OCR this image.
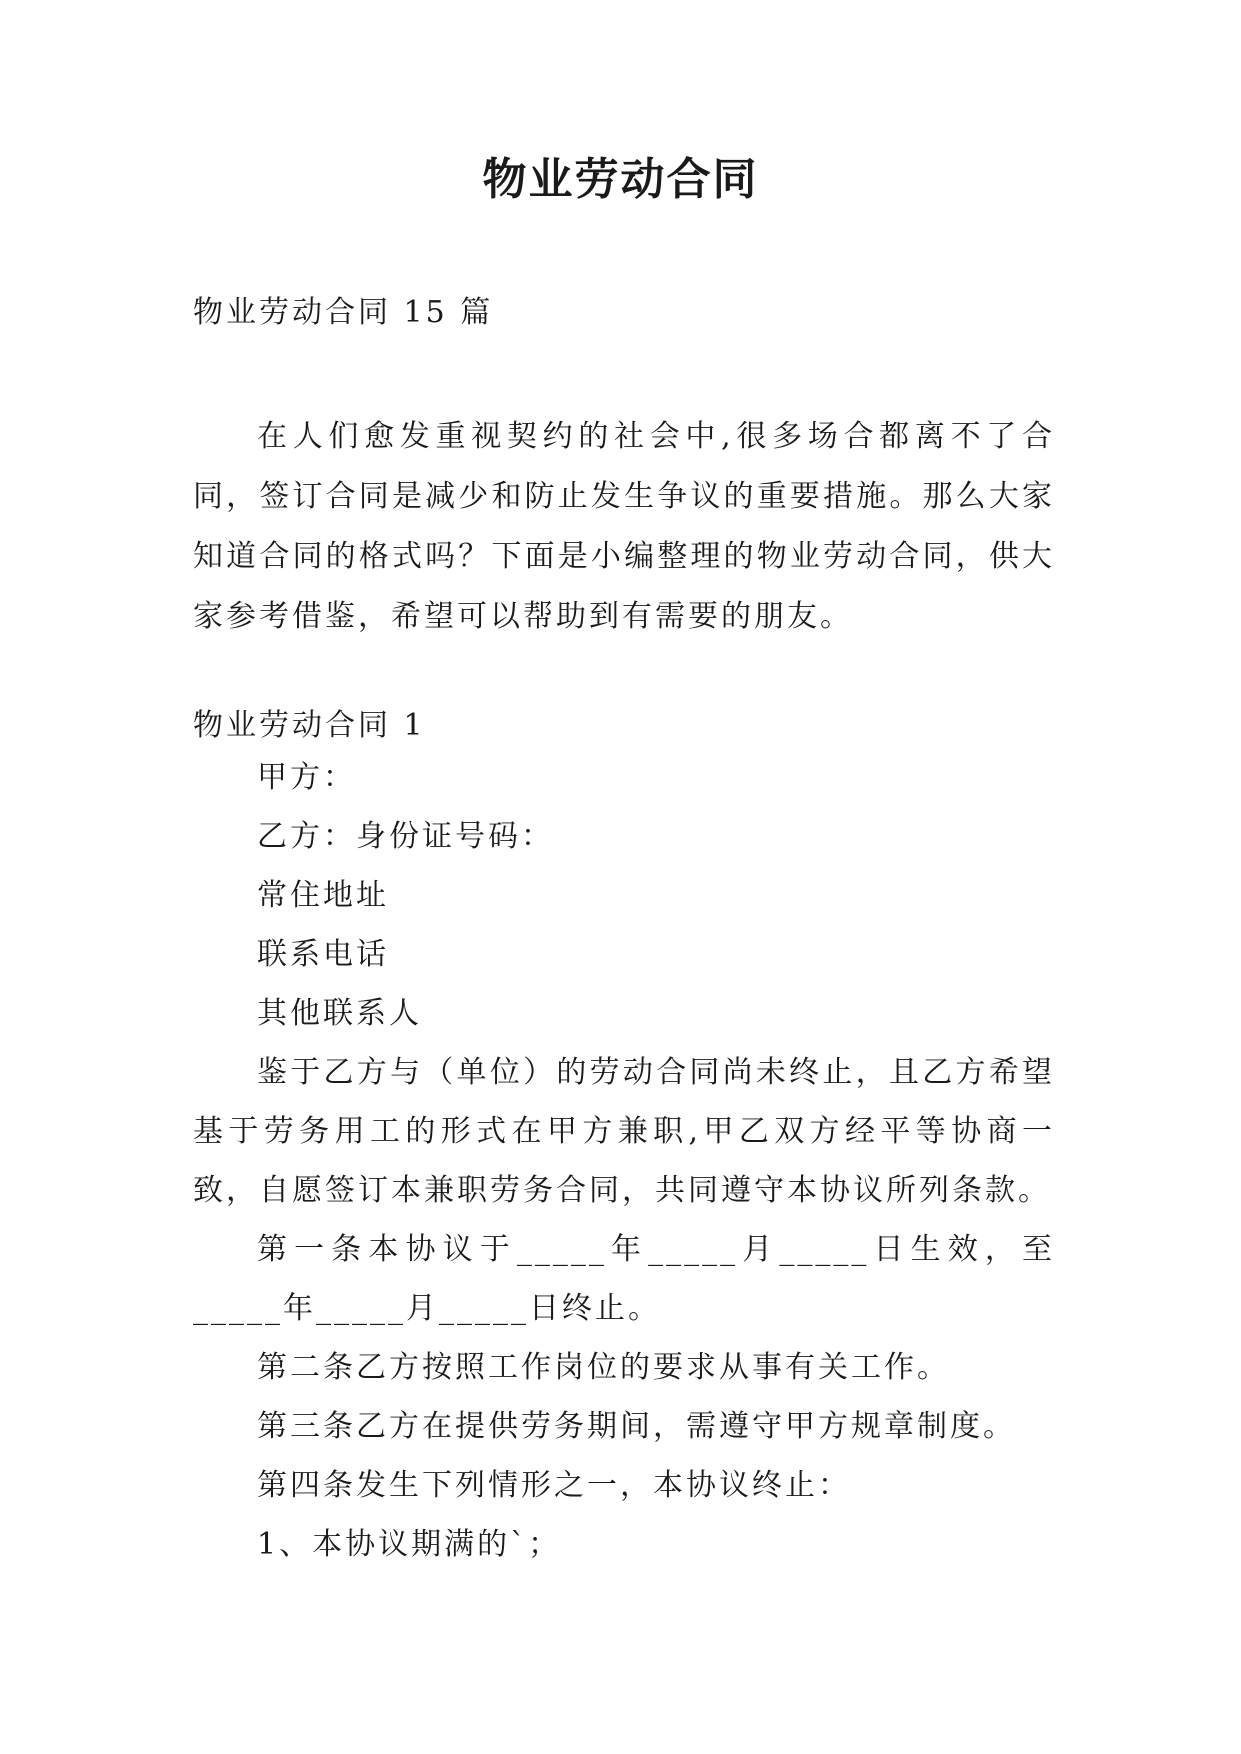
物业劳动合同
物业劳动合同 15 篇

在人们愈发重视契约的社会中,很多场合都离不了合同，签订合同是减少和防止发生争议的重要措施。那么大家知道合同的格式吗？下面是小编整理的物业劳动合同，供大家参考借鉴，希望可以帮助到有需要的朋友。

物业劳动合同 1
甲方：
乙方：身份证号码：
常住地址
联系电话
其他联系人

鉴于乙方与（单位）的劳动合同尚未终止，且乙方希望基于劳务用工的形式在甲方兼职,甲乙双方经平等协商一致，自愿签订本兼职劳务合同，共同遵守本协议所列条款。

第一条本协议于_____年_____月_____日生效，至_____年_____月_____日终止。

第二条乙方按照工作岗位的要求从事有关工作。
第三条乙方在提供劳务期间，需遵守甲方规章制度。
第四条发生下列情形之一，本协议终止：
1、本协议期满的`；
